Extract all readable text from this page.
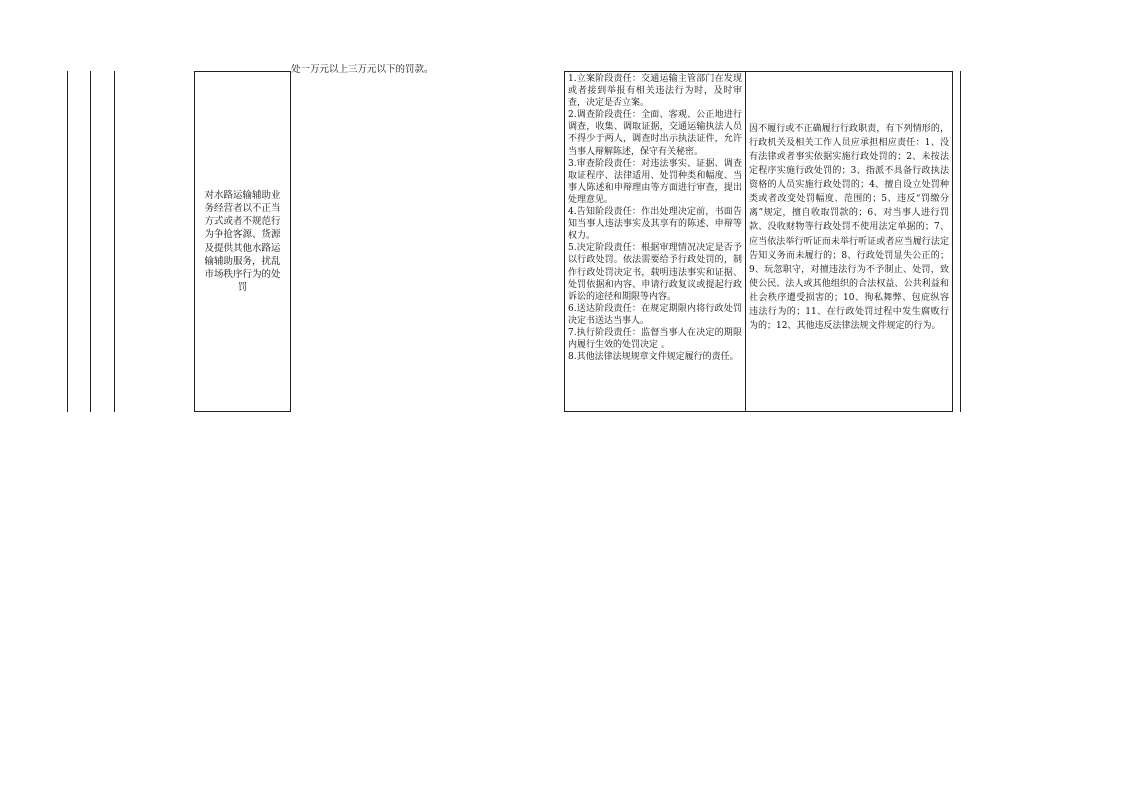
对水路运输辅助业务经营者以不正当方式或者不规范行为争抢客源、货源及提供其他水路运输辅助服务，扰乱市场秩序行为的处罚
处一万元以上三万元以下的罚款。
1.立案阶段责任：交通运输主管部门在发现或者接到举报有相关违法行为时，及时审查，决定是否立案。
2.调查阶段责任：全面、客观、公正地进行调查，收集、调取证据，交通运输执法人员不得少于两人，调查时出示执法证件，允许当事人辩解陈述，保守有关秘密。
3.审查阶段责任：对违法事实、证据、调查取证程序、法律适用、处罚种类和幅度、当事人陈述和申辩理由等方面进行审查，提出处理意见。
4.告知阶段责任：作出处理决定前，书面告知当事人违法事实及其享有的陈述、申辩等权力。
5.决定阶段责任：根据审理情况决定是否予以行政处罚。依法需要给予行政处罚的，制作行政处罚决定书，载明违法事实和证据、处罚依据和内容、申请行政复议或提起行政诉讼的途径和期限等内容。
6.送达阶段责任：在规定期限内将行政处罚决定书送达当事人。
7.执行阶段责任：监督当事人在决定的期限内履行生效的处罚决定 。
8.其他法律法规规章文件规定履行的责任。
因不履行或不正确履行行政职责，有下列情形的，行政机关及相关工作人员应承担相应责任：1、没有法律或者事实依据实施行政处罚的；2、未按法定程序实施行政处罚的；3、指派不具备行政执法资格的人员实施行政处罚的；4、擅自设立处罚种类或者改变处罚幅度、范围的；5、违反“罚缴分离”规定，擅自收取罚款的；6、对当事人进行罚款、没收财物等行政处罚不使用法定单据的；7、应当依法举行听证而未举行听证或者应当履行法定告知义务而未履行的；8、行政处罚显失公正的；9、玩忽职守，对擅违法行为不予制止、处罚，致使公民、法人或其他组织的合法权益、公共利益和社会秩序遭受损害的；10、徇私舞弊、包庇纵容违法行为的；11、在行政处罚过程中发生腐败行为的；12、其他违反法律法规文件规定的行为。
